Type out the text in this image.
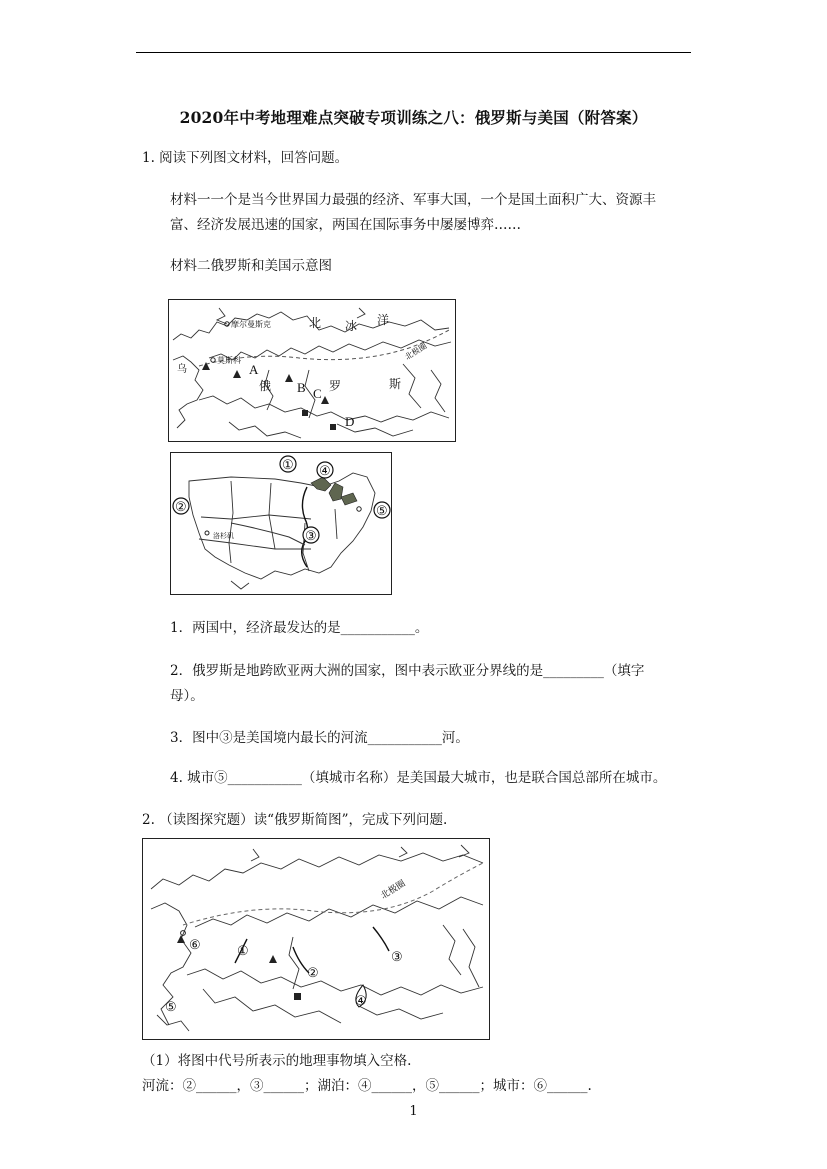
2020年中考地理难点突破专项训练之八：俄罗斯与美国（附答案）
1. 阅读下列图文材料，回答问题。
材料一一个是当今世界国力最强的经济、军事大国，一个是国土面积广大、资源丰
富、经济发展迅速的国家，两国在国际事务中屡屡博弈……
材料二俄罗斯和美国示意图
摩尔曼斯克
莫斯科
北 冰 洋
北极圈
俄	罗	斯
乌	A
B C
D
① ④
②
③
⑤
洛杉矶
1．两国中，经济最发达的是___________。
2．俄罗斯是地跨欧亚两大洲的国家，图中表示欧亚分界线的是_________（填字
母）。
3．图中③是美国境内最长的河流___________河。
4. 城市⑤___________（填城市名称）是美国最大城市，也是联合国总部所在城市。
2. （读图探究题）读“俄罗斯简图”，完成下列问题.
北极圈
①
②
③
④
⑤
⑥
（1）将图中代号所表示的地理事物填入空格.
河流：②______，③______；湖泊：④______，⑤______；城市：⑥______.
1
